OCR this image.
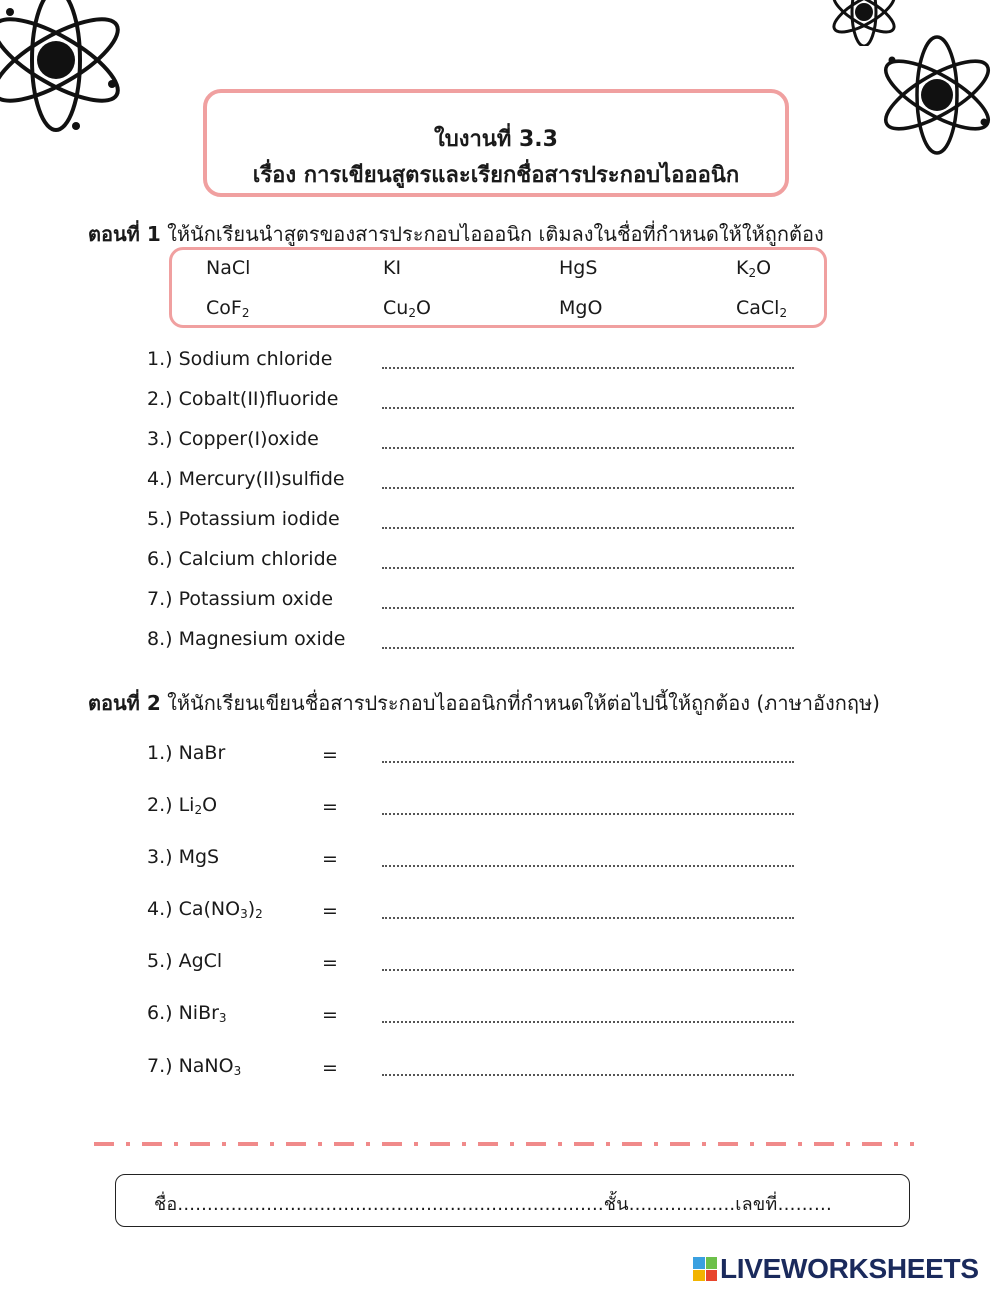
ใบงานที่ 3.3
เรื่อง การเขียนสูตรและเรียกชื่อสารประกอบไอออนิก
ตอนที่ 1 ให้นักเรียนนำสูตรของสารประกอบไอออนิก เติมลงในชื่อที่กำหนดให้ให้ถูกต้อง
NaCl	KI	HgS	$K_2O$
CoF$_2$	$Cu_2O$	MgO	CaCl$_2$
1.) Sodium chloride
2.) Cobalt(II)fluoride
3.) Copper(I)oxide
4.) Mercury(II)sulfide
5.) Potassium iodide
6.) Calcium chloride
7.) Potassium oxide
8.) Magnesium oxide
ตอนที่ 2 ให้นักเรียนเขียนชื่อสารประกอบไอออนิกที่กำหนดให้ต่อไปนี้ให้ถูกต้อง (ภาษาอังกฤษ)
1.) NaBr	=
2.) $Li_2O$	=
3.) MgS	=
4.) $Ca(NO_3)_2$	=
5.) AgCl	=
6.) NiBr$_3$	=
7.) NaNO$_3$	=
ชื่อ........................................................................ชั้น..................เลขที่………
LIVEWORKSHEETS
